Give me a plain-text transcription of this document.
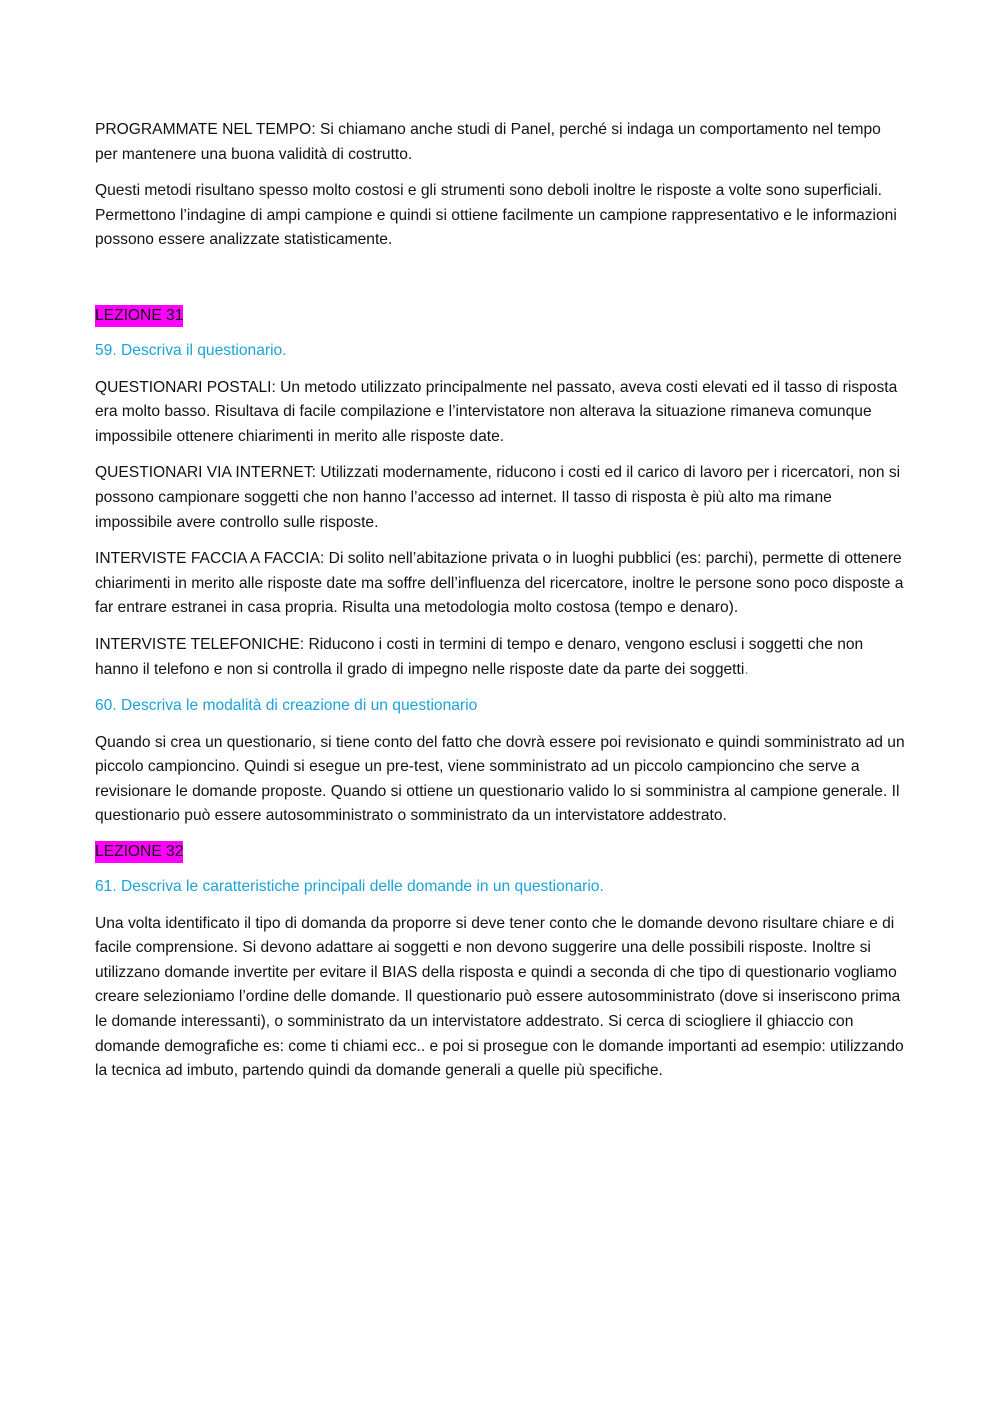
PROGRAMMATE NEL TEMPO: Si chiamano anche studi di Panel, perché si indaga un comportamento nel tempo per mantenere una buona validità di costrutto.

Questi metodi risultano spesso molto costosi e gli strumenti sono deboli inoltre le risposte a volte sono superficiali. Permettono l’indagine di ampi campione e quindi si ottiene facilmente un campione rappresentativo e le informazioni possono essere analizzate statisticamente.

LEZIONE 31

59. Descriva il questionario.

QUESTIONARI POSTALI: Un metodo utilizzato principalmente nel passato, aveva costi elevati ed il tasso di risposta era molto basso. Risultava di facile compilazione e l’intervistatore non alterava la situazione rimaneva comunque impossibile ottenere chiarimenti in merito alle risposte date.

QUESTIONARI VIA INTERNET: Utilizzati modernamente, riducono i costi ed il carico di lavoro per i ricercatori, non si possono campionare soggetti che non hanno l’accesso ad internet. Il tasso di risposta è più alto ma rimane impossibile avere controllo sulle risposte.

INTERVISTE FACCIA A FACCIA: Di solito nell’abitazione privata o in luoghi pubblici (es: parchi), permette di ottenere chiarimenti in merito alle risposte date ma soffre dell’influenza del ricercatore, inoltre le persone sono poco disposte a far entrare estranei in casa propria. Risulta una metodologia molto costosa (tempo e denaro).

INTERVISTE TELEFONICHE: Riducono i costi in termini di tempo e denaro, vengono esclusi i soggetti che non hanno il telefono e non si controlla il grado di impegno nelle risposte date da parte dei soggetti.

60. Descriva le modalità di creazione di un questionario

Quando si crea un questionario, si tiene conto del fatto che dovrà essere poi revisionato e quindi somministrato ad un piccolo campioncino. Quindi si esegue un pre-test, viene somministrato ad un piccolo campioncino che serve a revisionare le domande proposte. Quando si ottiene un questionario valido lo si somministra al campione generale. Il questionario può essere autosomministrato o somministrato da un intervistatore addestrato.

LEZIONE 32

61. Descriva le caratteristiche principali delle domande in un questionario.

Una volta identificato il tipo di domanda da proporre si deve tener conto che le domande devono risultare chiare e di facile comprensione. Si devono adattare ai soggetti e non devono suggerire una delle possibili risposte. Inoltre si utilizzano domande invertite per evitare il BIAS della risposta e quindi a seconda di che tipo di questionario vogliamo creare selezioniamo l’ordine delle domande. Il questionario può essere autosomministrato (dove si inseriscono prima le domande interessanti), o somministrato da un intervistatore addestrato. Si cerca di sciogliere il ghiaccio con domande demografiche es: come ti chiami ecc.. e poi si prosegue con le domande importanti ad esempio: utilizzando la tecnica ad imbuto, partendo quindi da domande generali a quelle più specifiche.
